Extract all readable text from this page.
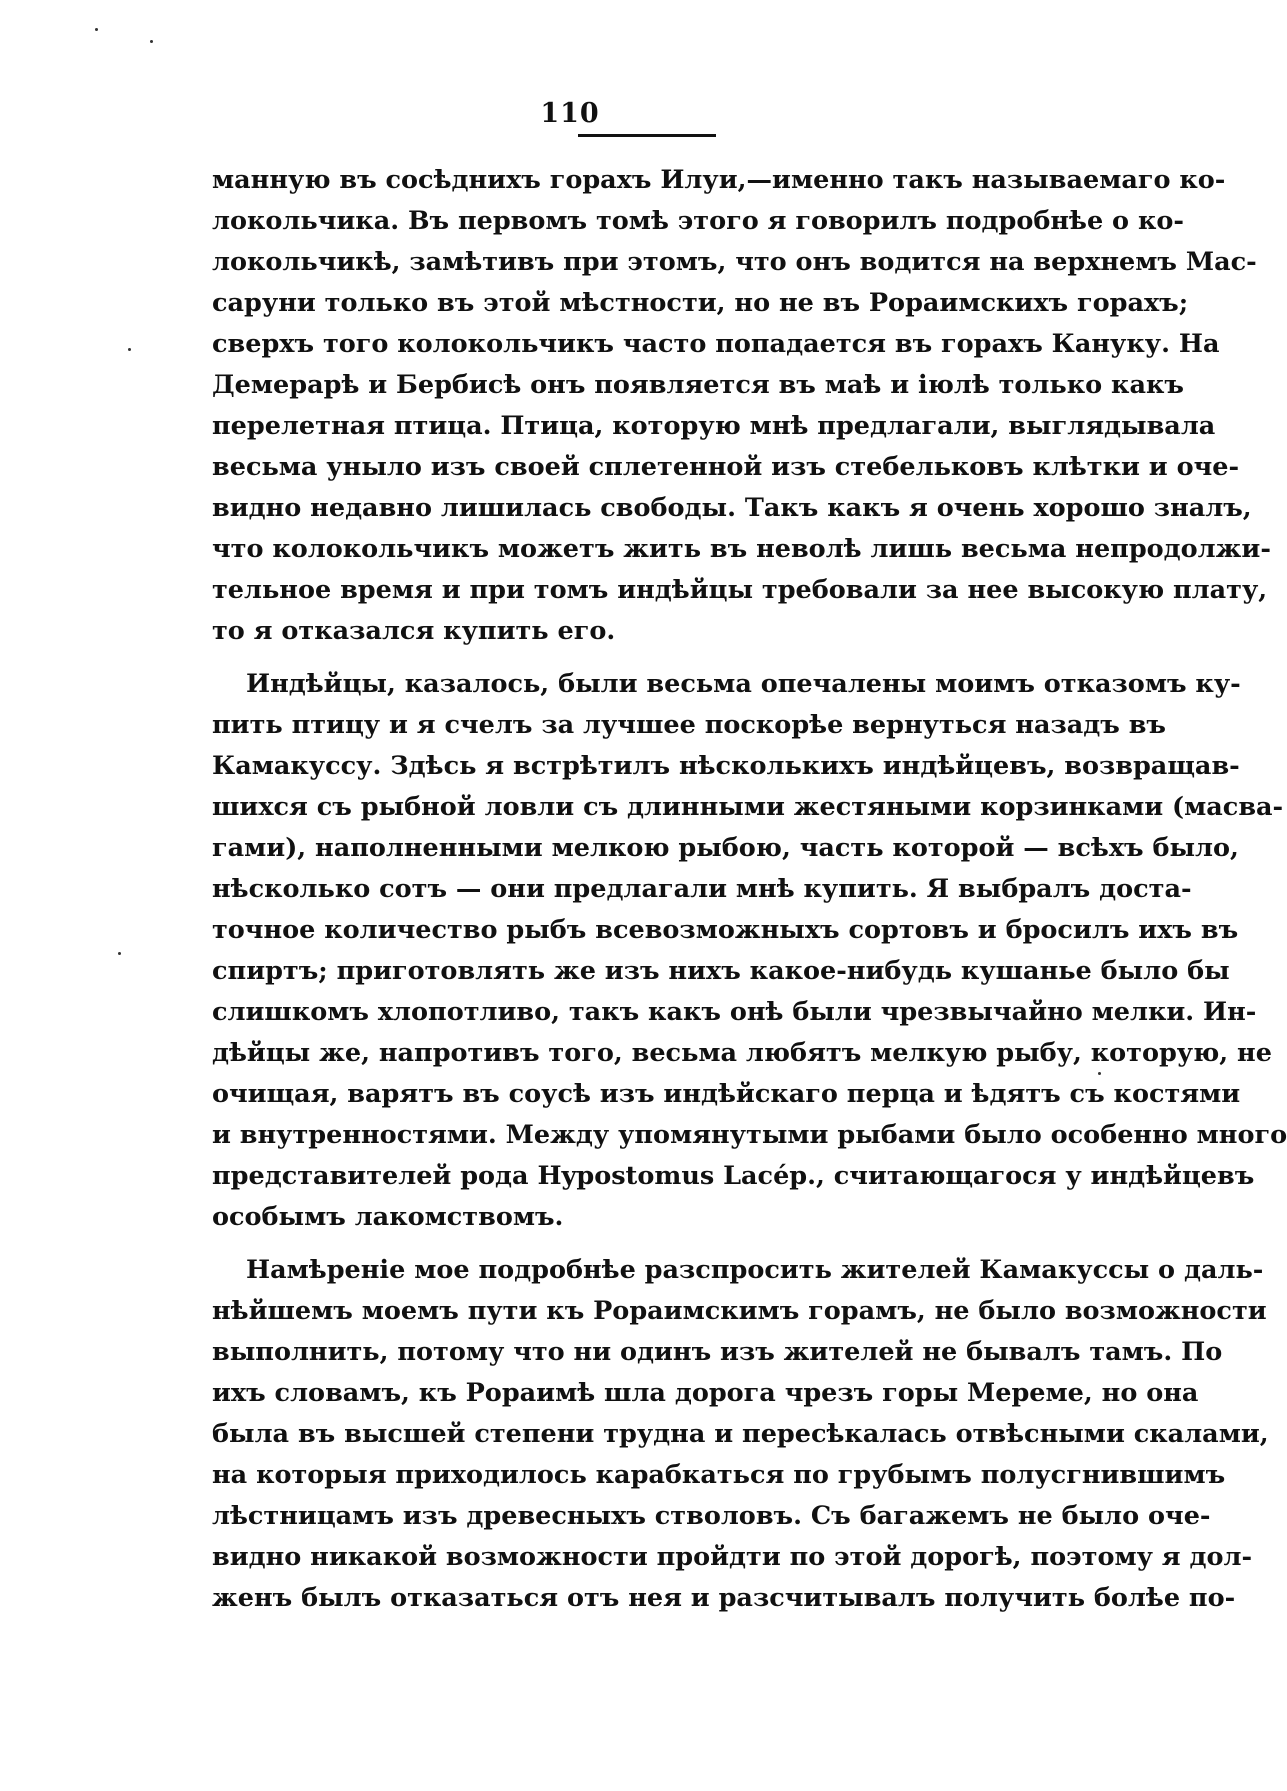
110
манную въ сосѣднихъ горахъ Илуи,—именно такъ называемаго ко-
локольчика. Въ первомъ томѣ этого я говорилъ подробнѣе о ко-
локольчикѣ, замѣтивъ при этомъ, что онъ водится на верхнемъ Мас-
саруни только въ этой мѣстности, но не въ Рораимскихъ горахъ;
сверхъ того колокольчикъ часто попадается въ горахъ Кануку. На
Демерарѣ и Бербисѣ онъ появляется въ маѣ и іюлѣ только какъ
перелетная птица. Птица, которую мнѣ предлагали, выглядывала
весьма уныло изъ своей сплетенной изъ стебельковъ клѣтки и оче-
видно недавно лишилась свободы. Такъ какъ я очень хорошо зналъ,
что колокольчикъ можетъ жить въ неволѣ лишь весьма непродолжи-
тельное время и при томъ индѣйцы требовали за нее высокую плату,
то я отказался купить его.
Индѣйцы, казалось, были весьма опечалены моимъ отказомъ ку-
пить птицу и я счелъ за лучшее поскорѣе вернуться назадъ въ
Камакуссу. Здѣсь я встрѣтилъ нѣсколькихъ индѣйцевъ, возвращав-
шихся съ рыбной ловли съ длинными жестяными корзинками (масва-
гами), наполненными мелкою рыбою, часть которой — всѣхъ было,
нѣсколько сотъ — они предлагали мнѣ купить. Я выбралъ доста-
точное количество рыбъ всевозможныхъ сортовъ и бросилъ ихъ въ
спиртъ; приготовлять же изъ нихъ какое-нибудь кушанье было бы
слишкомъ хлопотливо, такъ какъ онѣ были чрезвычайно мелки. Ин-
дѣйцы же, напротивъ того, весьма любятъ мелкую рыбу, которую, не
очищая, варятъ въ соусѣ изъ индѣйскаго перца и ѣдятъ съ костями
и внутренностями. Между упомянутыми рыбами было особенно много
представителей рода Hypostomus Lacép., считающагося у индѣйцевъ
особымъ лакомствомъ.
Намѣреніе мое подробнѣе разспросить жителей Камакуссы о даль-
нѣйшемъ моемъ пути къ Рораимскимъ горамъ, не было возможности
выполнить, потому что ни одинъ изъ жителей не бывалъ тамъ. По
ихъ словамъ, къ Рораимѣ шла дорога чрезъ горы Мереме, но она
была въ высшей степени трудна и пересѣкалась отвѣсными скалами,
на которыя приходилось карабкаться по грубымъ полусгнившимъ
лѣстницамъ изъ древесныхъ стволовъ. Съ багажемъ не было оче-
видно никакой возможности пройдти по этой дорогѣ, поэтому я дол-
женъ былъ отказаться отъ нея и разсчитывалъ получить болѣе по-
